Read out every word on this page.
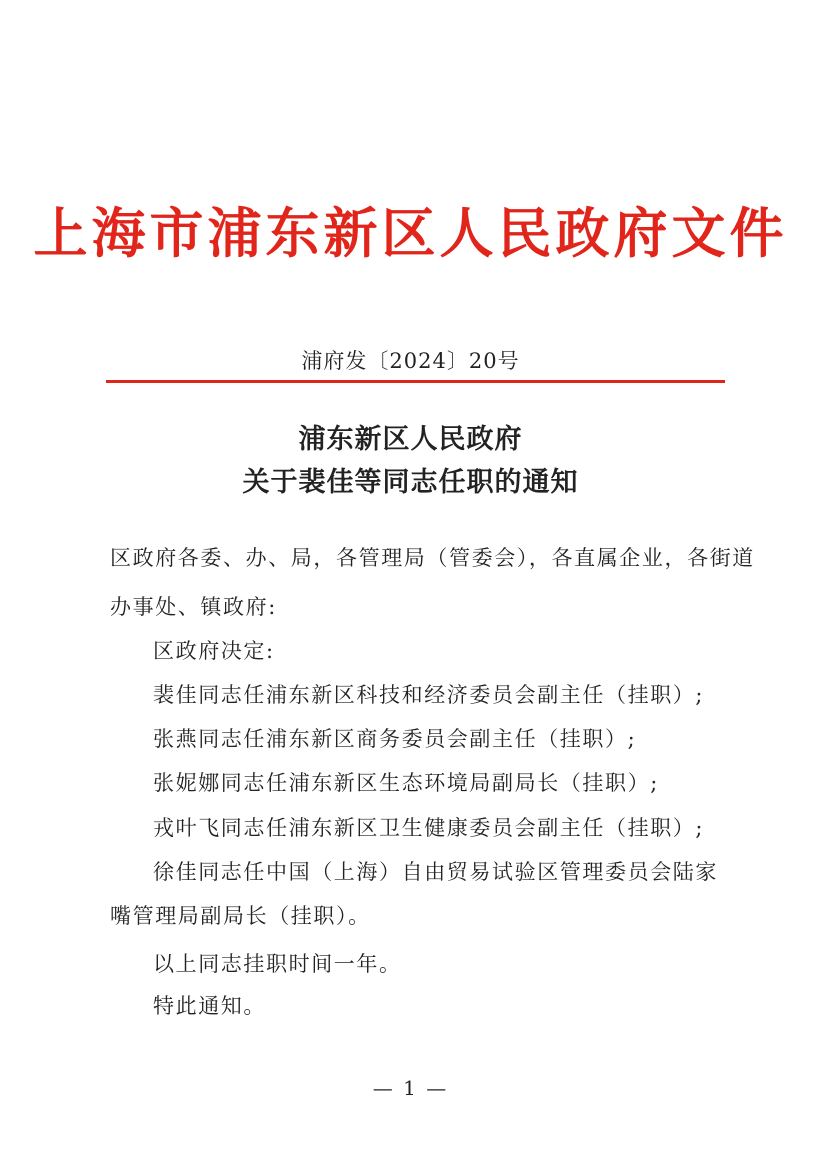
上海市浦东新区人民政府文件
浦府发〔2024〕20号
浦东新区人民政府
关于裴佳等同志任职的通知
区政府各委、办、局，各管理局（管委会），各直属企业，各街道
办事处、镇政府:
区政府决定:
裴佳同志任浦东新区科技和经济委员会副主任（挂职）;
张燕同志任浦东新区商务委员会副主任（挂职）;
张妮娜同志任浦东新区生态环境局副局长（挂职）;
戎叶飞同志任浦东新区卫生健康委员会副主任（挂职）;
徐佳同志任中国（上海）自由贸易试验区管理委员会陆家
嘴管理局副局长（挂职）。
以上同志挂职时间一年。
特此通知。
— 1 —
